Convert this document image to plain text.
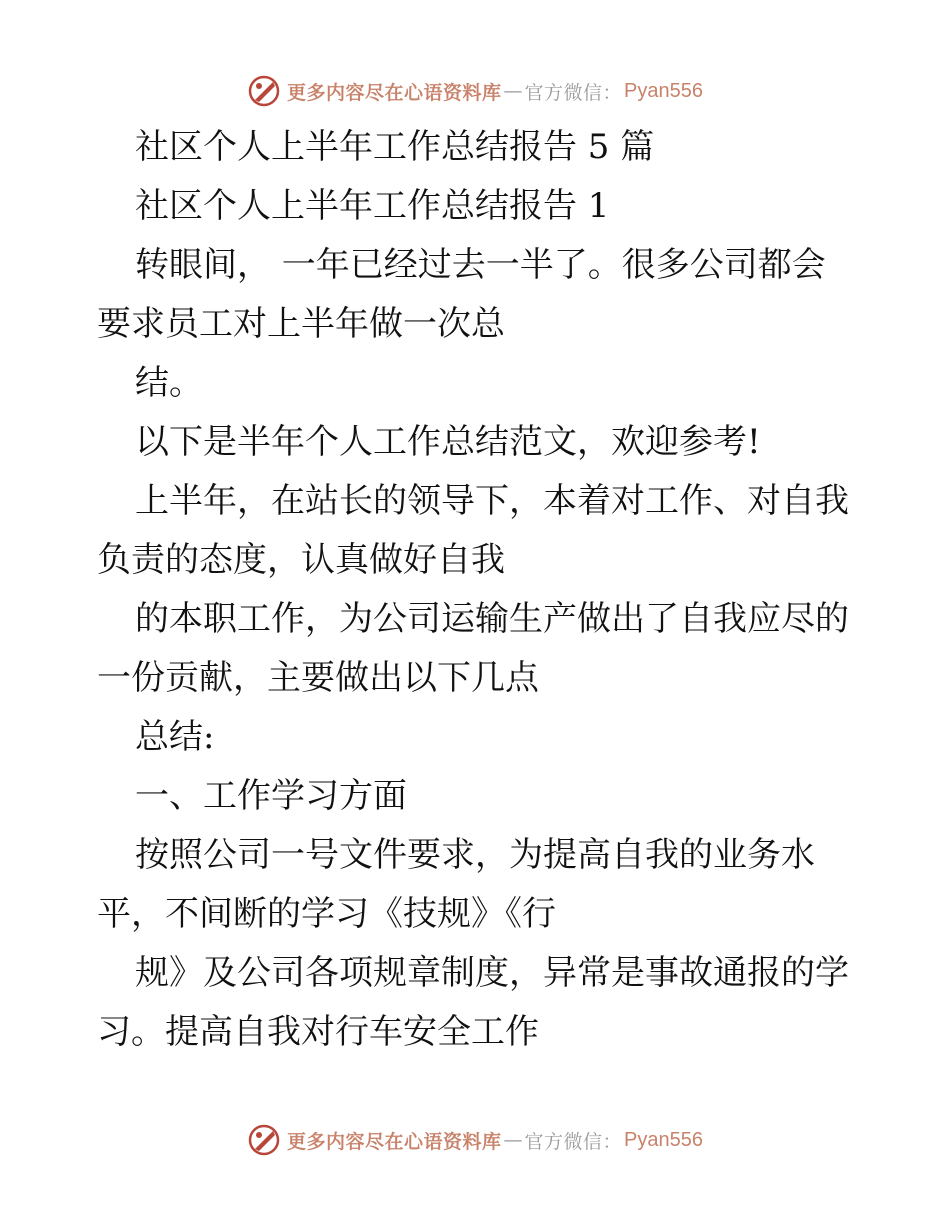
更多内容尽在心语资料库 — 官方微信： Pyan556

社区个人上半年工作总结报告 5 篇

社区个人上半年工作总结报告 1

转眼间， 一年已经过去一半了。很多公司都会

要求员工对上半年做一次总

结。

以下是半年个人工作总结范文，欢迎参考!

上半年，在站长的领导下，本着对工作、对自我

负责的态度，认真做好自我

的本职工作，为公司运输生产做出了自我应尽的

一份贡献，主要做出以下几点

总结:

一、工作学习方面

按照公司一号文件要求，为提高自我的业务水

平，不间断的学习《技规》《行

规》及公司各项规章制度，异常是事故通报的学

习。提高自我对行车安全工作

更多内容尽在心语资料库 — 官方微信： Pyan556
